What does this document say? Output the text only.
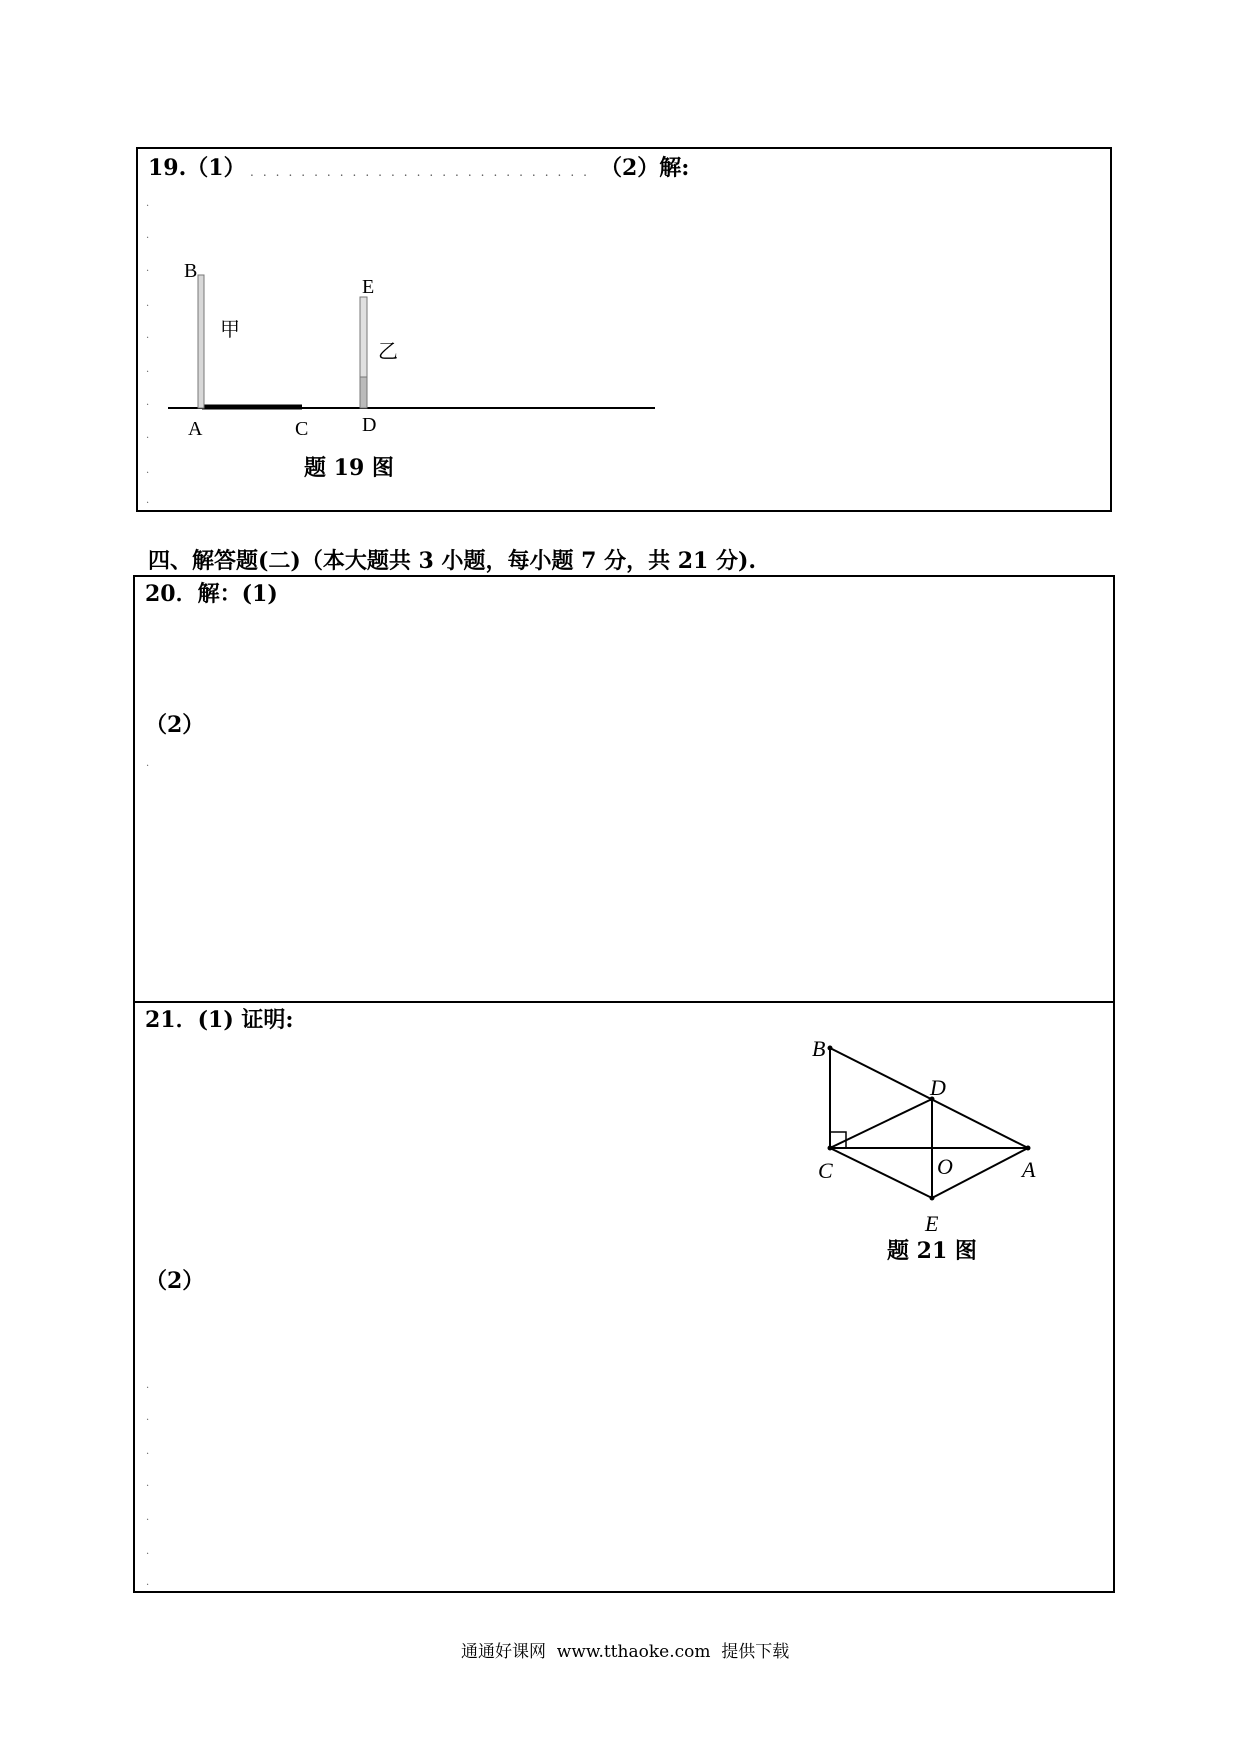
19.（1） ........................... （2）解:
.
.
.
.
.
.
.
.
.
.
B
甲
E
乙
A	C	D
题 19 图
四、解答题(二)（本大题共 3 小题，每小题 7 分，共 21 分).
20．解：(1)
（2）
.
21．(1) 证明:
（2）
.
.
.
.
.
.
.
B
D
C	O	A
E
题 21 图
通通好课网  www.tthaoke.com  提供下载
